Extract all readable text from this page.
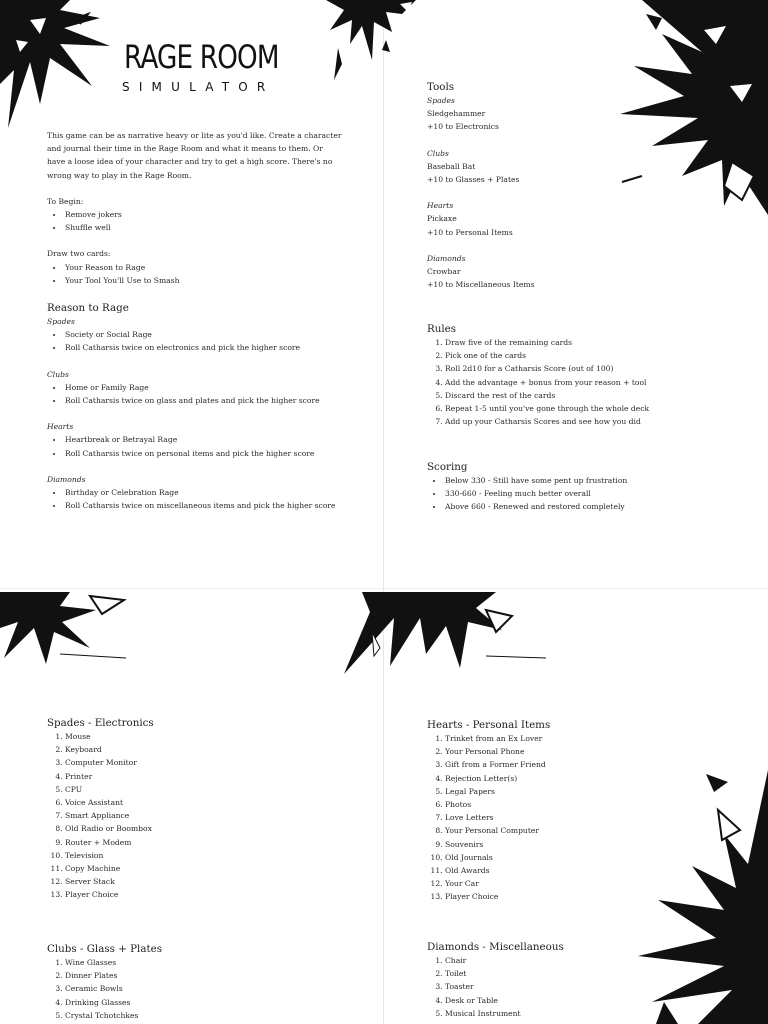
RAGE ROOM
SIMULATOR

This game can be as narrative heavy or lite as you'd like. Create a character

and journal their time in the Rage Room and what it means to them. Or

have a loose idea of your character and try to get a high score. There's no

wrong way to play in the Rage Room.

To Begin:

• Remove jokers
• Shuffle well

Draw two cards:

• Your Reason to Rage
• Your Tool You'll Use to Smash
Reason to Rage

Spades

• Society or Social Rage
• Roll Catharsis twice on electronics and pick the higher score

Clubs

• Home or Family Rage
• Roll Catharsis twice on glass and plates and pick the higher score

Hearts

• Heartbreak or Betrayal Rage
• Roll Catharsis twice on personal items and pick the higher score

Diamonds

• Birthday or Celebration Rage
• Roll Catharsis twice on miscellaneous items and pick the higher score
Tools

Spades

Sledgehammer

+10 to Electronics

Clubs

Baseball Bat

+10 to Glasses + Plates

Hearts

Pickaxe

+10 to Personal Items

Diamonds

Crowbar

+10 to Miscellaneous Items

Rules
1. Draw five of the remaining cards
2. Pick one of the cards
3. Roll 2d10 for a Catharsis Score (out of 100)
4. Add the advantage + bonus from your reason + tool
5. Discard the rest of the cards
6. Repeat 1-5 until you've gone through the whole deck
7. Add up your Catharsis Scores and see how you did
Scoring
• Below 330 - Still have some pent up frustration
• 330-660 - Feeling much better overall
• Above 660 - Renewed and restored completely
Spades - Electronics
1. Mouse
2. Keyboard
3. Computer Monitor
4. Printer
5. CPU
6. Voice Assistant
7. Smart Appliance
8. Old Radio or Boombox
9. Router + Modem
10. Television
11. Copy Machine
12. Server Stack
13. Player Choice
Hearts - Personal Items
1. Trinket from an Ex Lover
2. Your Personal Phone
3. Gift from a Former Friend
4. Rejection Letter(s)
5. Legal Papers
6. Photos
7. Love Letters
8. Your Personal Computer
9. Souvenirs
10. Old Journals
11. Old Awards
12. Your Car
13. Player Choice
Clubs - Glass + Plates
1. Wine Glasses
2. Dinner Plates
3. Ceramic Bowls
4. Drinking Glasses
5. Crystal Tchotchkes
Diamonds - Miscellaneous
1. Chair
2. Toilet
3. Toaster
4. Desk or Table
5. Musical Instrument
